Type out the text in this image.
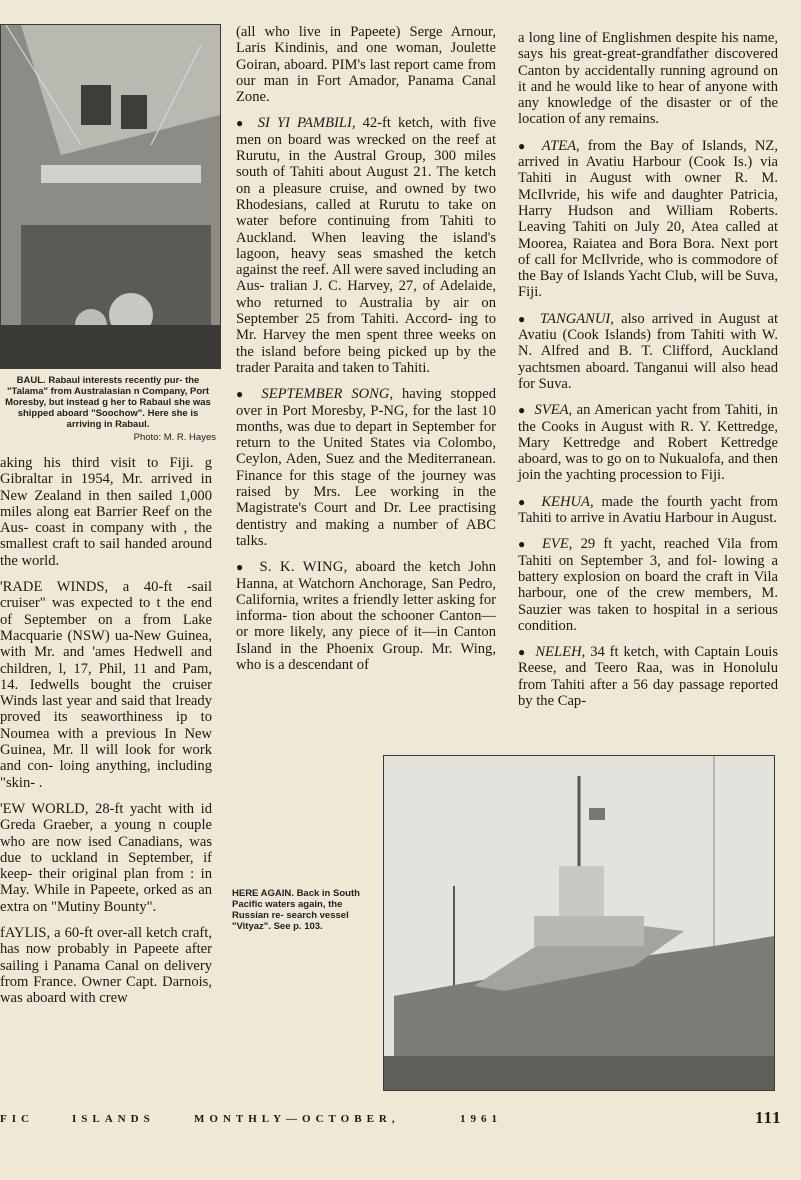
BAUL. Rabaul interests recently pur- the "Talama" from Australasian n Company, Port Moresby, but instead g her to Rabaul she was shipped aboard "Soochow". Here she is arriving in Rabaul.
Photo: M. R. Hayes

aking his third visit to Fiji. g Gibraltar in 1954, Mr. arrived in New Zealand in then sailed 1,000 miles along eat Barrier Reef on the Aus- coast in company with , the smallest craft to sail handed around the world.

'RADE WINDS, a 40-ft -sail cruiser" was expected to t the end of September on a from Lake Macquarie (NSW) ua-New Guinea, with Mr. and 'ames Hedwell and children, l, 17, Phil, 11 and Pam, 14. Iedwells bought the cruiser Winds last year and said that lready proved its seaworthiness ip to Noumea with a previous In New Guinea, Mr. ll will look for work and con- loing anything, including "skin- .

'EW WORLD, 28-ft yacht with id Greda Graeber, a young n couple who are now ised Canadians, was due to uckland in September, if keep- their original plan from : in May. While in Papeete, orked as an extra on "Mutiny Bounty".

fAYLIS, a 60-ft over-all ketch craft, has now probably in Papeete after sailing i Panama Canal on delivery from France. Owner Capt. Darnois, was aboard with crew

(all who live in Papeete) Serge Arnour, Laris Kindinis, and one woman, Joulette Goiran, aboard. PIM's last report came from our man in Fort Amador, Panama Canal Zone.

● SI YI PAMBILI, 42-ft ketch, with five men on board was wrecked on the reef at Rurutu, in the Austral Group, 300 miles south of Tahiti about August 21. The ketch on a pleasure cruise, and owned by two Rhodesians, called at Rurutu to take on water before continuing from Tahiti to Auckland. When leaving the island's lagoon, heavy seas smashed the ketch against the reef. All were saved including an Aus- tralian J. C. Harvey, 27, of Adelaide, who returned to Australia by air on September 25 from Tahiti. Accord- ing to Mr. Harvey the men spent three weeks on the island before being picked up by the trader Paraita and taken to Tahiti.

● SEPTEMBER SONG, having stopped over in Port Moresby, P-NG, for the last 10 months, was due to depart in September for return to the United States via Colombo, Ceylon, Aden, Suez and the Mediterranean. Finance for this stage of the journey was raised by Mrs. Lee working in the Magistrate's Court and Dr. Lee practising dentistry and making a number of ABC talks.

● S. K. WING, aboard the ketch John Hanna, at Watchorn Anchorage, San Pedro, California, writes a friendly letter asking for informa- tion about the schooner Canton—or more likely, any piece of it—in Canton Island in the Phoenix Group. Mr. Wing, who is a descendant of

a long line of Englishmen despite his name, says his great-great-grandfather discovered Canton by accidentally running aground on it and he would like to hear of anyone with any knowledge of the disaster or of the location of any remains.

● ATEA, from the Bay of Islands, NZ, arrived in Avatiu Harbour (Cook Is.) via Tahiti in August with owner R. M. McIlvride, his wife and daughter Patricia, Harry Hudson and William Roberts. Leaving Tahiti on July 20, Atea called at Moorea, Raiatea and Bora Bora. Next port of call for McIlvride, who is commodore of the Bay of Islands Yacht Club, will be Suva, Fiji.

● TANGANUI, also arrived in August at Avatiu (Cook Islands) from Tahiti with W. N. Alfred and B. T. Clifford, Auckland yachtsmen aboard. Tanganui will also head for Suva.

● SVEA, an American yacht from Tahiti, in the Cooks in August with R. Y. Kettredge, Mary Kettredge and Robert Kettredge aboard, was to go on to Nukualofa, and then join the yachting procession to Fiji.

● KEHUA, made the fourth yacht from Tahiti to arrive in Avatiu Harbour in August.

● EVE, 29 ft yacht, reached Vila from Tahiti on September 3, and fol- lowing a battery explosion on board the craft in Vila harbour, one of the crew members, M. Sauzier was taken to hospital in a serious condition.

● NELEH, 34 ft ketch, with Captain Louis Reese, and Teero Raa, was in Honolulu from Tahiti after a 56 day passage reported by the Cap-

HERE AGAIN. Back in South Pacific waters again, the Russian re- search vessel "Vityaz". See p. 103.
FIC	ISLANDS	MONTHLY—OCTOBER,	1961	111
